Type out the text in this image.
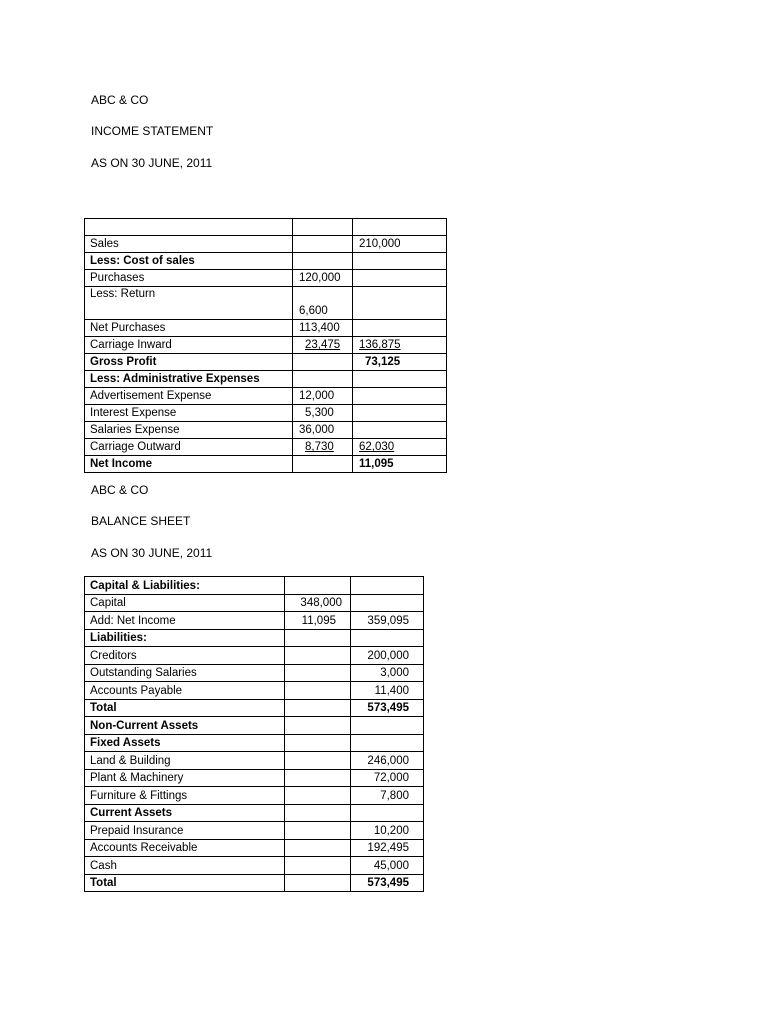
ABC & CO

INCOME STATEMENT

AS ON 30 JUNE, 2011

Sales		210,000
Less: Cost of sales		
Purchases	120,000	
Less: Return	6,600	
Net Purchases	113,400	
Carriage Inward	23,475	136,875
Gross Profit		73,125
Less: Administrative Expenses		
Advertisement Expense	12,000	
Interest Expense	5,300	
Salaries Expense	36,000	
Carriage Outward	8,730	62,030
Net Income		11,095

ABC & CO

BALANCE SHEET

AS ON 30 JUNE, 2011

Capital & Liabilities:		
Capital	348,000	
Add: Net Income	11,095	359,095
Liabilities:		
Creditors		200,000
Outstanding Salaries		3,000
Accounts Payable		11,400
Total		573,495
Non-Current Assets		
Fixed Assets		
Land & Building		246,000
Plant & Machinery		72,000
Furniture & Fittings		7,800
Current Assets		
Prepaid Insurance		10,200
Accounts Receivable		192,495
Cash		45,000
Total		573,495
